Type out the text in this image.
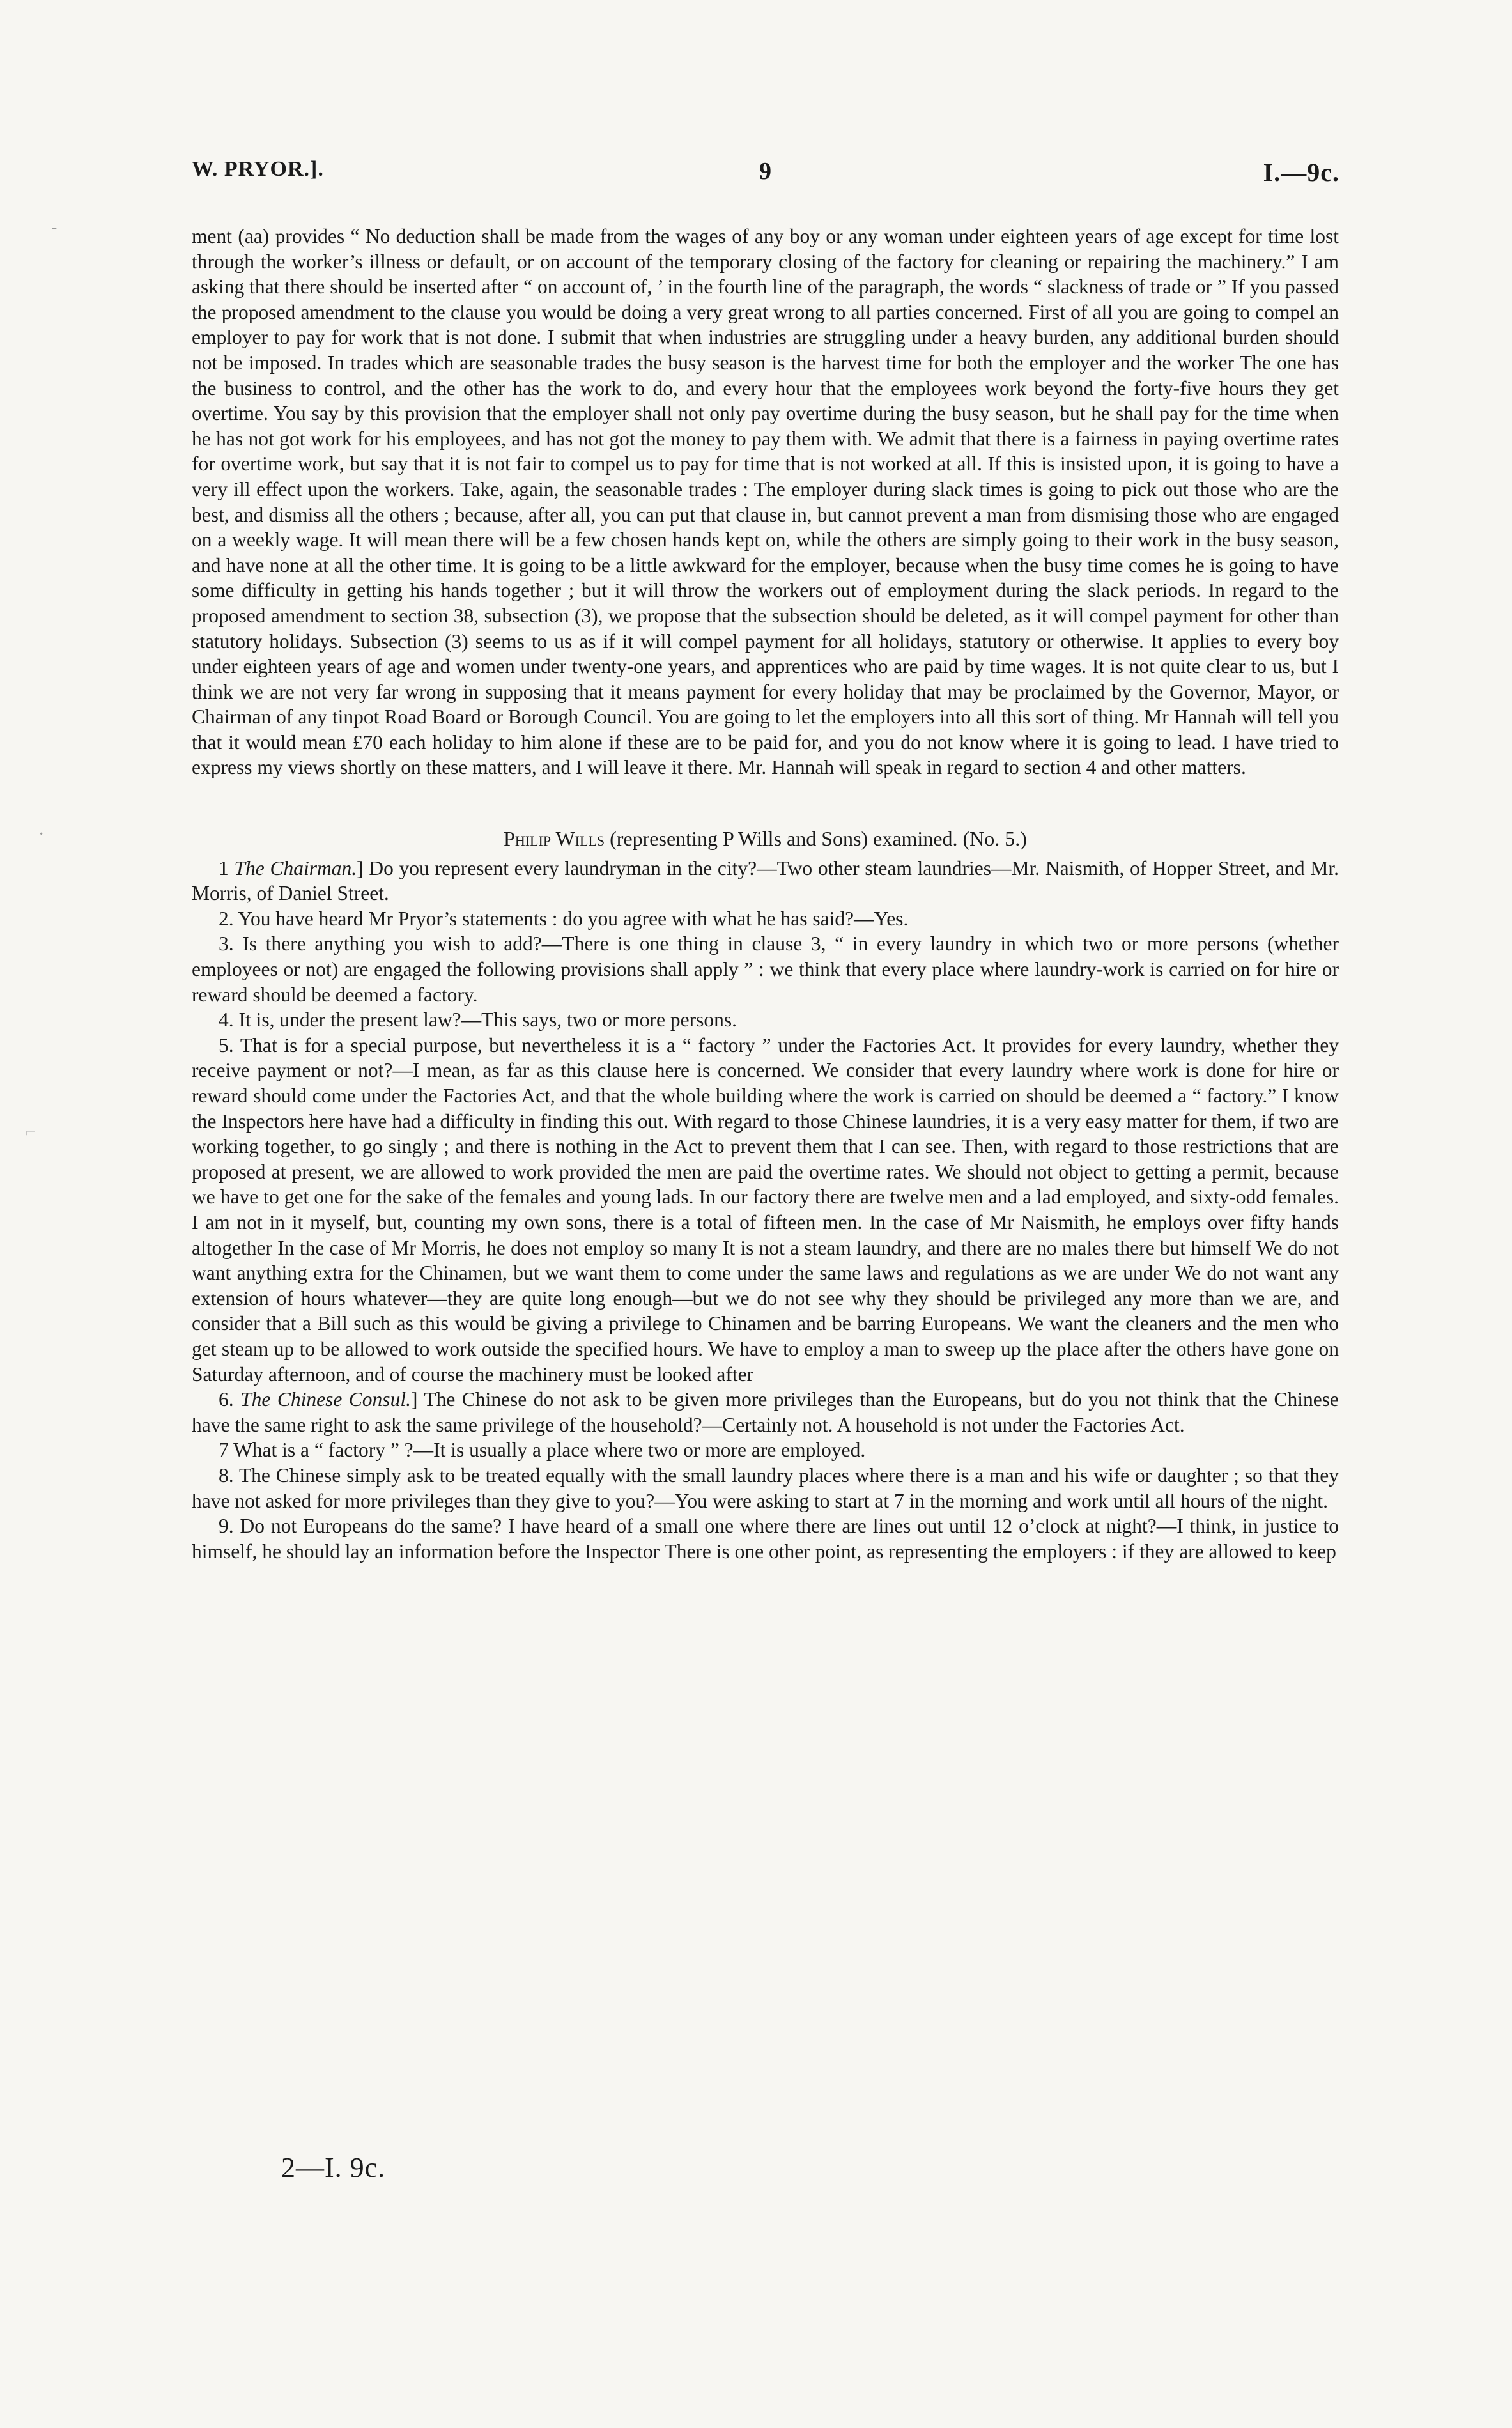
W. PRYOR.].	9	I.—9c.

ment (aa) provides “ No deduction shall be made from the wages of any boy or any woman under eighteen years of age except for time lost through the worker’s illness or default, or on account of the temporary closing of the factory for cleaning or repairing the machinery.” I am asking that there should be inserted after “ on account of, ’ in the fourth line of the paragraph, the words “ slackness of trade or ” If you passed the proposed amendment to the clause you would be doing a very great wrong to all parties concerned. First of all you are going to compel an employer to pay for work that is not done. I submit that when industries are struggling under a heavy burden, any additional burden should not be imposed. In trades which are seasonable trades the busy season is the harvest time for both the employer and the worker The one has the business to control, and the other has the work to do, and every hour that the employees work beyond the forty-five hours they get overtime. You say by this provision that the employer shall not only pay overtime during the busy season, but he shall pay for the time when he has not got work for his employees, and has not got the money to pay them with. We admit that there is a fairness in paying overtime rates for overtime work, but say that it is not fair to compel us to pay for time that is not worked at all. If this is insisted upon, it is going to have a very ill effect upon the workers. Take, again, the seasonable trades : The employer during slack times is going to pick out those who are the best, and dismiss all the others ; because, after all, you can put that clause in, but cannot prevent a man from dismising those who are engaged on a weekly wage. It will mean there will be a few chosen hands kept on, while the others are simply going to their work in the busy season, and have none at all the other time. It is going to be a little awkward for the employer, because when the busy time comes he is going to have some difficulty in getting his hands together ; but it will throw the workers out of employment during the slack periods. In regard to the proposed amendment to section 38, subsection (3), we propose that the subsection should be deleted, as it will compel payment for other than statutory holidays. Subsection (3) seems to us as if it will compel payment for all holidays, statutory or otherwise. It applies to every boy under eighteen years of age and women under twenty-one years, and apprentices who are paid by time wages. It is not quite clear to us, but I think we are not very far wrong in supposing that it means payment for every holiday that may be proclaimed by the Governor, Mayor, or Chairman of any tinpot Road Board or Borough Council. You are going to let the employers into all this sort of thing. Mr Hannah will tell you that it would mean £70 each holiday to him alone if these are to be paid for, and you do not know where it is going to lead. I have tried to express my views shortly on these matters, and I will leave it there. Mr. Hannah will speak in regard to section 4 and other matters.

Philip Wills (representing P Wills and Sons) examined. (No. 5.)

1 The Chairman.] Do you represent every laundryman in the city?—Two other steam laundries—Mr. Naismith, of Hopper Street, and Mr. Morris, of Daniel Street.

2. You have heard Mr Pryor’s statements : do you agree with what he has said?—Yes.

3. Is there anything you wish to add?—There is one thing in clause 3, “ in every laundry in which two or more persons (whether employees or not) are engaged the following provisions shall apply ” : we think that every place where laundry-work is carried on for hire or reward should be deemed a factory.

4. It is, under the present law?—This says, two or more persons.

5. That is for a special purpose, but nevertheless it is a “ factory ” under the Factories Act. It provides for every laundry, whether they receive payment or not?—I mean, as far as this clause here is concerned. We consider that every laundry where work is done for hire or reward should come under the Factories Act, and that the whole building where the work is carried on should be deemed a “ factory.” I know the Inspectors here have had a difficulty in finding this out. With regard to those Chinese laundries, it is a very easy matter for them, if two are working together, to go singly ; and there is nothing in the Act to prevent them that I can see. Then, with regard to those restrictions that are proposed at present, we are allowed to work provided the men are paid the overtime rates. We should not object to getting a permit, because we have to get one for the sake of the females and young lads. In our factory there are twelve men and a lad employed, and sixty-odd females. I am not in it myself, but, counting my own sons, there is a total of fifteen men. In the case of Mr Naismith, he employs over fifty hands altogether In the case of Mr Morris, he does not employ so many It is not a steam laundry, and there are no males there but himself We do not want anything extra for the Chinamen, but we want them to come under the same laws and regulations as we are under We do not want any extension of hours whatever—they are quite long enough—but we do not see why they should be privileged any more than we are, and consider that a Bill such as this would be giving a privilege to Chinamen and be barring Europeans. We want the cleaners and the men who get steam up to be allowed to work outside the specified hours. We have to employ a man to sweep up the place after the others have gone on Saturday afternoon, and of course the machinery must be looked after

6. The Chinese Consul.] The Chinese do not ask to be given more privileges than the Europeans, but do you not think that the Chinese have the same right to ask the same privilege of the household?—Certainly not. A household is not under the Factories Act.

7 What is a “ factory ” ?—It is usually a place where two or more are employed.

8. The Chinese simply ask to be treated equally with the small laundry places where there is a man and his wife or daughter ; so that they have not asked for more privileges than they give to you?—You were asking to start at 7 in the morning and work until all hours of the night.

9. Do not Europeans do the same? I have heard of a small one where there are lines out until 12 o’clock at night?—I think, in justice to himself, he should lay an information before the Inspector There is one other point, as representing the employers : if they are allowed to keep

2—I. 9c.
‑
·
⌐
